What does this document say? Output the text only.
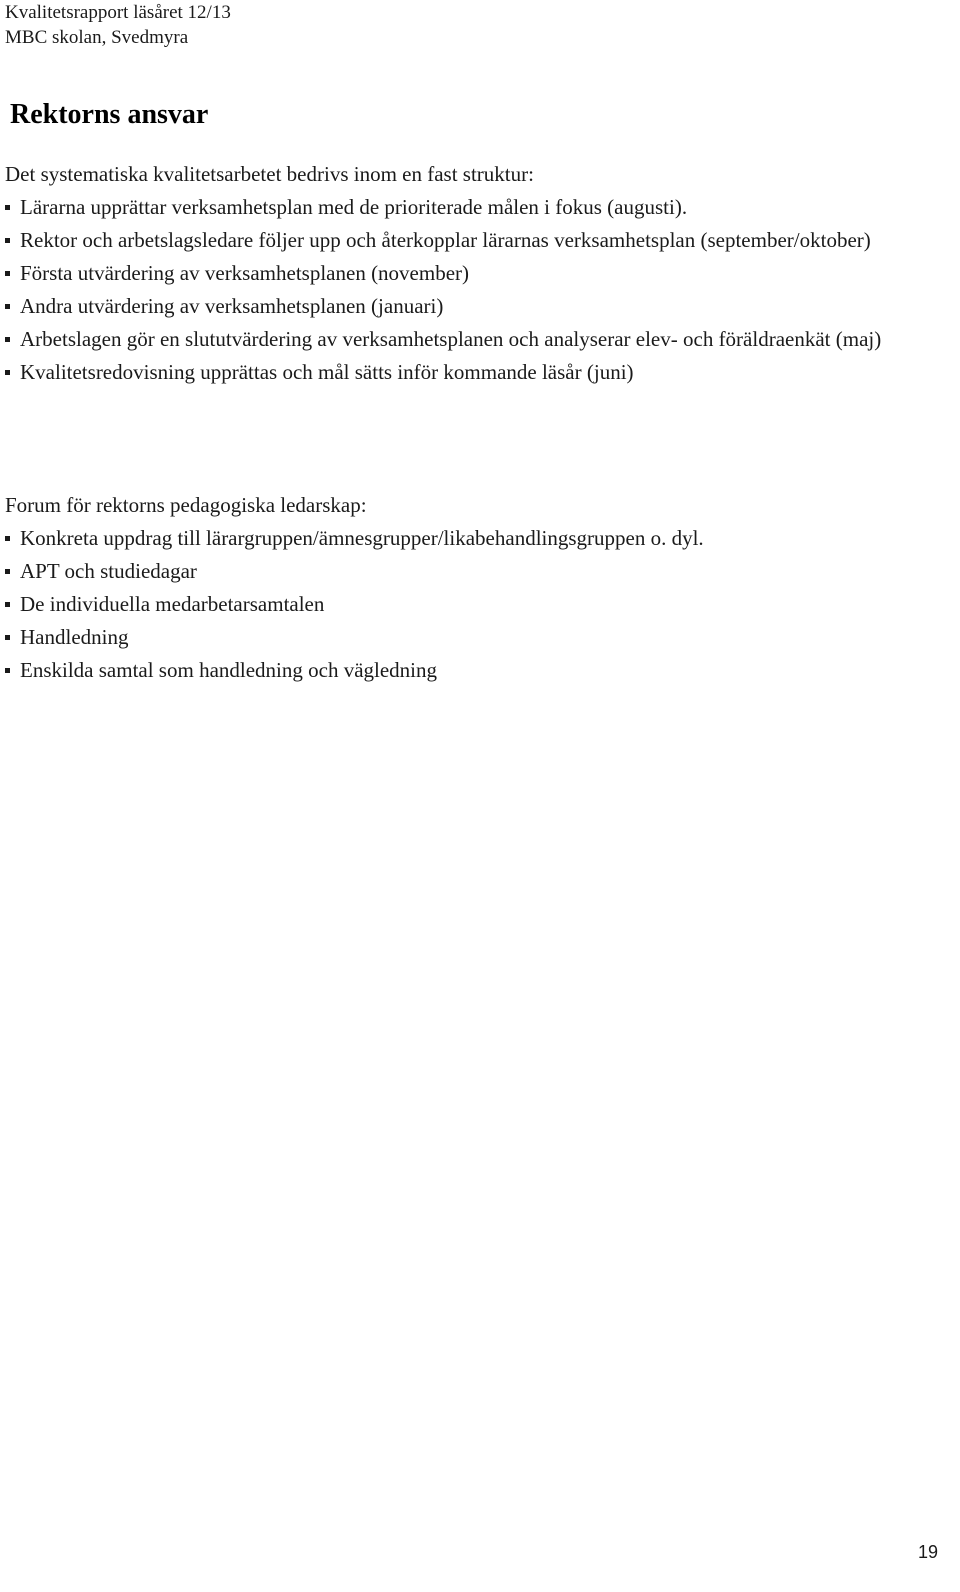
Kvalitetsrapport läsåret 12/13
MBC skolan, Svedmyra
Rektorns ansvar
Det systematiska kvalitetsarbetet bedrivs inom en fast struktur:
Lärarna upprättar verksamhetsplan med de prioriterade målen i fokus (augusti).
Rektor och arbetslagsledare följer upp och återkopplar lärarnas verksamhetsplan (september/oktober)
Första utvärdering av verksamhetsplanen (november)
Andra utvärdering av verksamhetsplanen (januari)
Arbetslagen gör en slututvärdering av verksamhetsplanen och analyserar elev- och föräldraenkät (maj)
Kvalitetsredovisning upprättas och mål sätts inför kommande läsår (juni)
Forum för rektorns pedagogiska ledarskap:
Konkreta uppdrag till lärargruppen/ämnesgrupper/likabehandlingsgruppen o. dyl.
APT och studiedagar
De individuella medarbetarsamtalen
Handledning
Enskilda samtal som handledning och vägledning
19
